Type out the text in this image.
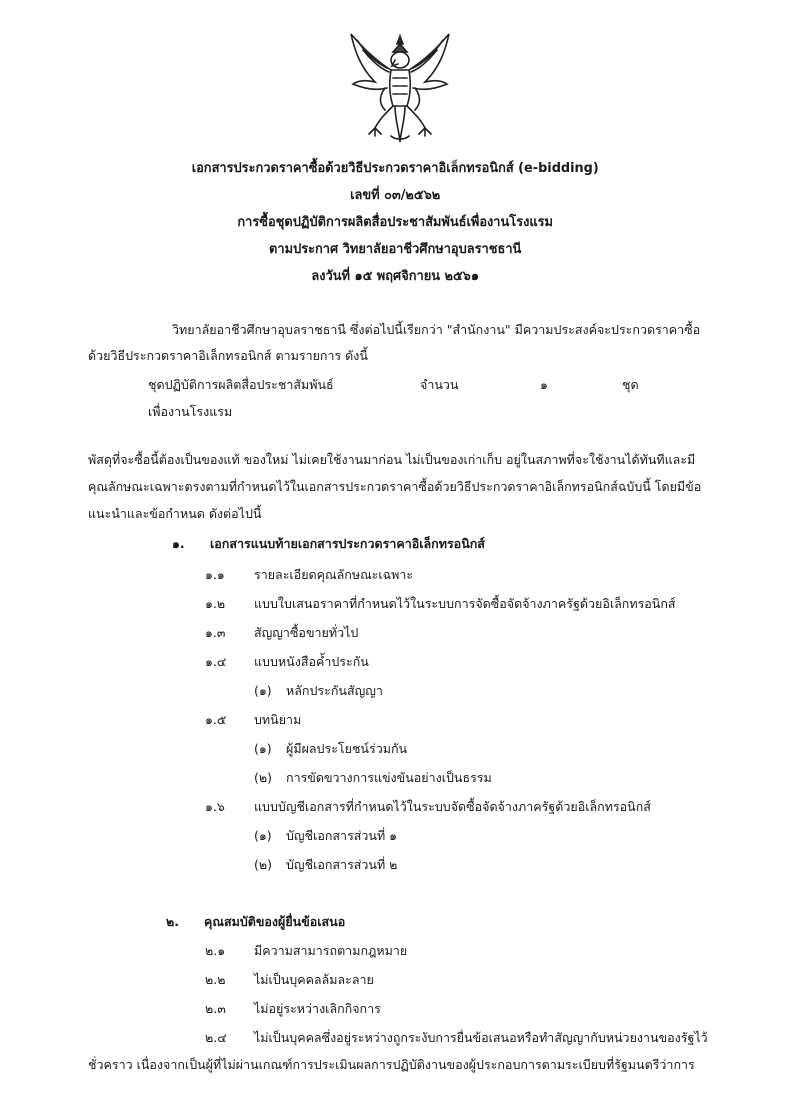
เอกสารประกวดราคาซื้อด้วยวิธีประกวดราคาอิเล็กทรอนิกส์ (e-bidding)
เลขที่ ๐๓/๒๕๖๒
การซื้อชุดปฏิบัติการผลิตสื่อประชาสัมพันธ์เพื่องานโรงแรม
ตามประกาศ วิทยาลัยอาชีวศึกษาอุบลราชธานี
ลงวันที่ ๑๕ พฤศจิกายน ๒๕๖๑
วิทยาลัยอาชีวศึกษาอุบลราชธานี ซึ่งต่อไปนี้เรียกว่า "สำนักงาน" มีความประสงค์จะประกวดราคาซื้อ
ด้วยวิธีประกวดราคาอิเล็กทรอนิกส์ ตามรายการ ดังนี้
ชุดปฏิบัติการผลิตสื่อประชาสัมพันธ์	จำนวน	๑	ชุด
เพื่องานโรงแรม
พัสดุที่จะซื้อนี้ต้องเป็นของแท้ ของใหม่ ไม่เคยใช้งานมาก่อน ไม่เป็นของเก่าเก็บ อยู่ในสภาพที่จะใช้งานได้ทันทีและมี
คุณลักษณะเฉพาะตรงตามที่กำหนดไว้ในเอกสารประกวดราคาซื้อด้วยวิธีประกวดราคาอิเล็กทรอนิกส์ฉบับนี้ โดยมีข้อ
แนะนำและข้อกำหนด ดังต่อไปนี้
๑. เอกสารแนบท้ายเอกสารประกวดราคาอิเล็กทรอนิกส์
๑.๑ รายละเอียดคุณลักษณะเฉพาะ
๑.๒ แบบใบเสนอราคาที่กำหนดไว้ในระบบการจัดซื้อจัดจ้างภาครัฐด้วยอิเล็กทรอนิกส์
๑.๓ สัญญาซื้อขายทั่วไป
๑.๔ แบบหนังสือค้ำประกัน
(๑) หลักประกันสัญญา
๑.๕ บทนิยาม
(๑) ผู้มีผลประโยชน์ร่วมกัน
(๒) การขัดขวางการแข่งขันอย่างเป็นธรรม
๑.๖ แบบบัญชีเอกสารที่กำหนดไว้ในระบบจัดซื้อจัดจ้างภาครัฐด้วยอิเล็กทรอนิกส์
(๑) บัญชีเอกสารส่วนที่ ๑
(๒) บัญชีเอกสารส่วนที่ ๒
๒. คุณสมบัติของผู้ยื่นข้อเสนอ
๒.๑ มีความสามารถตามกฎหมาย
๒.๒ ไม่เป็นบุคคลล้มละลาย
๒.๓ ไม่อยู่ระหว่างเลิกกิจการ
๒.๔ ไม่เป็นบุคคลซึ่งอยู่ระหว่างถูกระงับการยื่นข้อเสนอหรือทำสัญญากับหน่วยงานของรัฐไว้
ชั่วคราว เนื่องจากเป็นผู้ที่ไม่ผ่านเกณฑ์การประเมินผลการปฏิบัติงานของผู้ประกอบการตามระเบียบที่รัฐมนตรีว่าการ
